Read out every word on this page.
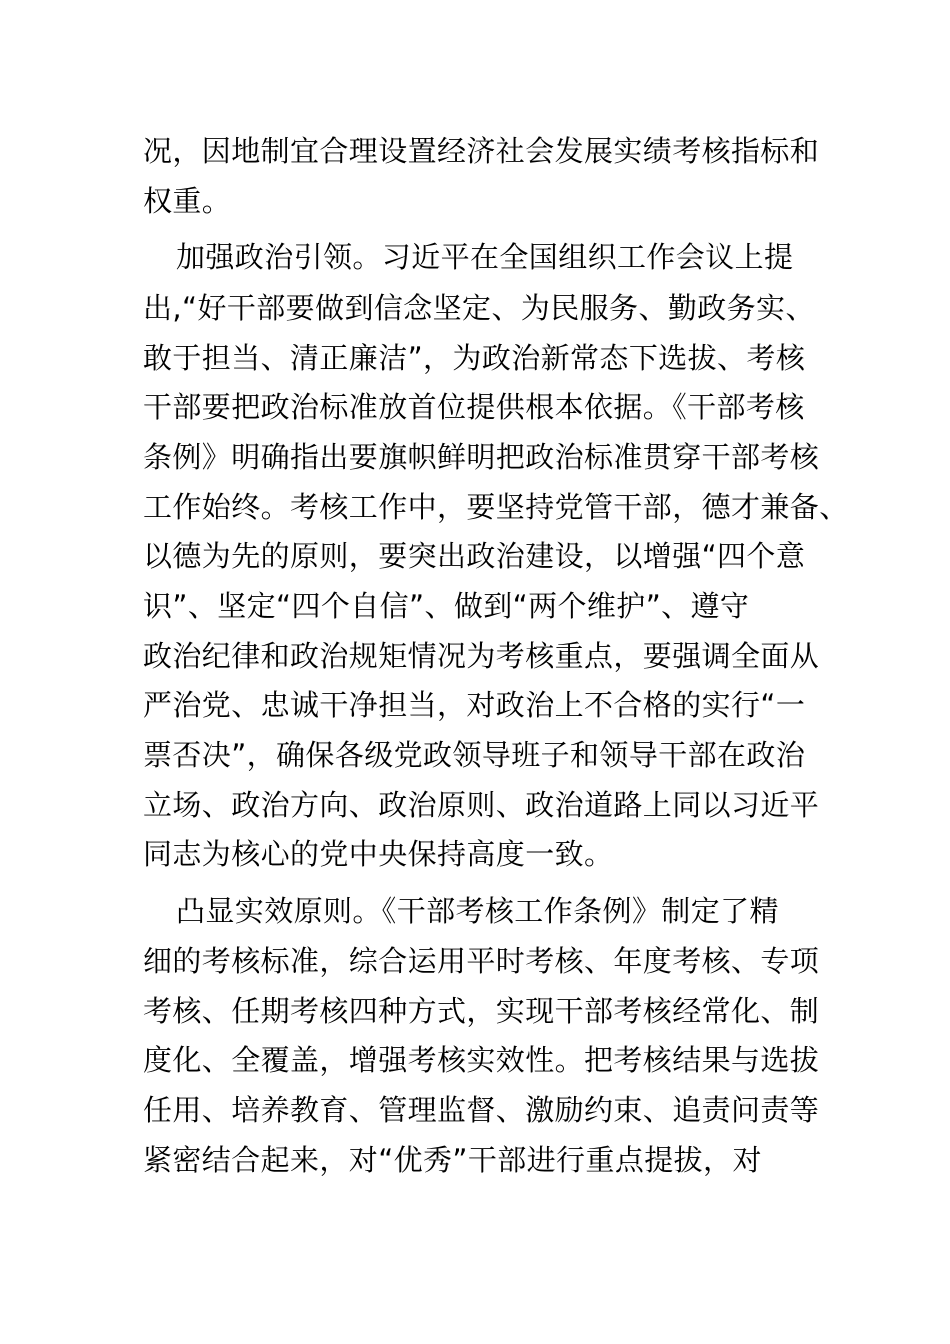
况，因地制宜合理设置经济社会发展实绩考核指标和
权重。
加强政治引领。习近平在全国组织工作会议上提
出,“好干部要做到信念坚定、为民服务、勤政务实、
敢于担当、清正廉洁”，为政治新常态下选拔、考核
干部要把政治标准放首位提供根本依据。《干部考核
条例》明确指出要旗帜鲜明把政治标准贯穿干部考核
工作始终。考核工作中，要坚持党管干部，德才兼备、
以德为先的原则，要突出政治建设，以增强“四个意
识”、坚定“四个自信”、做到“两个维护”、遵守
政治纪律和政治规矩情况为考核重点，要强调全面从
严治党、忠诚干净担当，对政治上不合格的实行“一
票否决”，确保各级党政领导班子和领导干部在政治
立场、政治方向、政治原则、政治道路上同以习近平
同志为核心的党中央保持高度一致。
凸显实效原则。《干部考核工作条例》制定了精
细的考核标准，综合运用平时考核、年度考核、专项
考核、任期考核四种方式，实现干部考核经常化、制
度化、全覆盖，增强考核实效性。把考核结果与选拔
任用、培养教育、管理监督、激励约束、追责问责等
紧密结合起来，对“优秀”干部进行重点提拔，对
